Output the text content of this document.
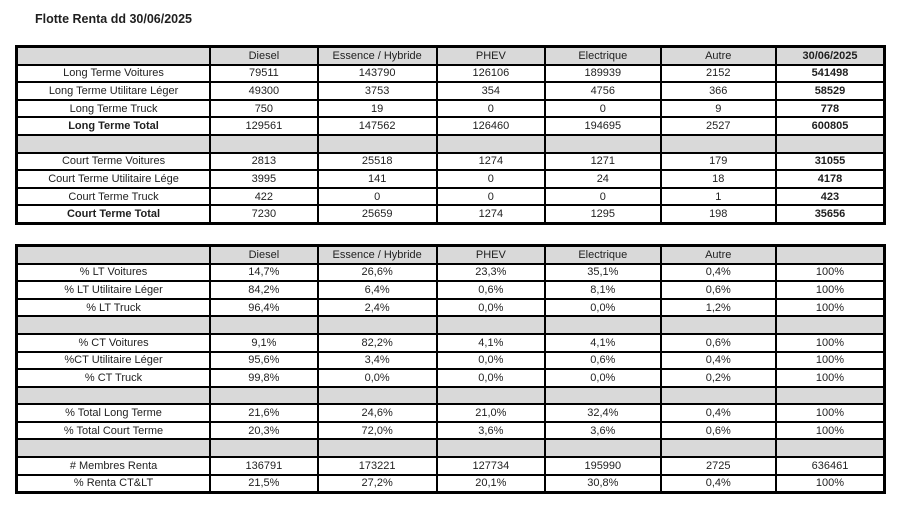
Flotte Renta dd 30/06/2025
	Diesel	Essence / Hybride	PHEV	Electrique	Autre	30/06/2025
Long Terme Voitures	79511	143790	126106	189939	2152	541498
Long Terme Utilitare Léger	49300	3753	354	4756	366	58529
Long Terme Truck	750	19	0	0	9	778
Long Terme Total	129561	147562	126460	194695	2527	600805

Court Terme Voitures	2813	25518	1274	1271	179	31055
Court Terme Utilitaire Lége	3995	141	0	24	18	4178
Court Terme Truck	422	0	0	0	1	423
Court Terme Total	7230	25659	1274	1295	198	35656
	Diesel	Essence / Hybride	PHEV	Electrique	Autre	
% LT Voitures	14,7%	26,6%	23,3%	35,1%	0,4%	100%
% LT Utilitaire Léger	84,2%	6,4%	0,6%	8,1%	0,6%	100%
% LT Truck	96,4%	2,4%	0,0%	0,0%	1,2%	100%

% CT Voitures	9,1%	82,2%	4,1%	4,1%	0,6%	100%
%CT Utilitaire Léger	95,6%	3,4%	0,0%	0,6%	0,4%	100%
% CT Truck	99,8%	0,0%	0,0%	0,0%	0,2%	100%

% Total Long Terme	21,6%	24,6%	21,0%	32,4%	0,4%	100%
% Total Court Terme	20,3%	72,0%	3,6%	3,6%	0,6%	100%

# Membres Renta	136791	173221	127734	195990	2725	636461
% Renta CT&LT	21,5%	27,2%	20,1%	30,8%	0,4%	100%
